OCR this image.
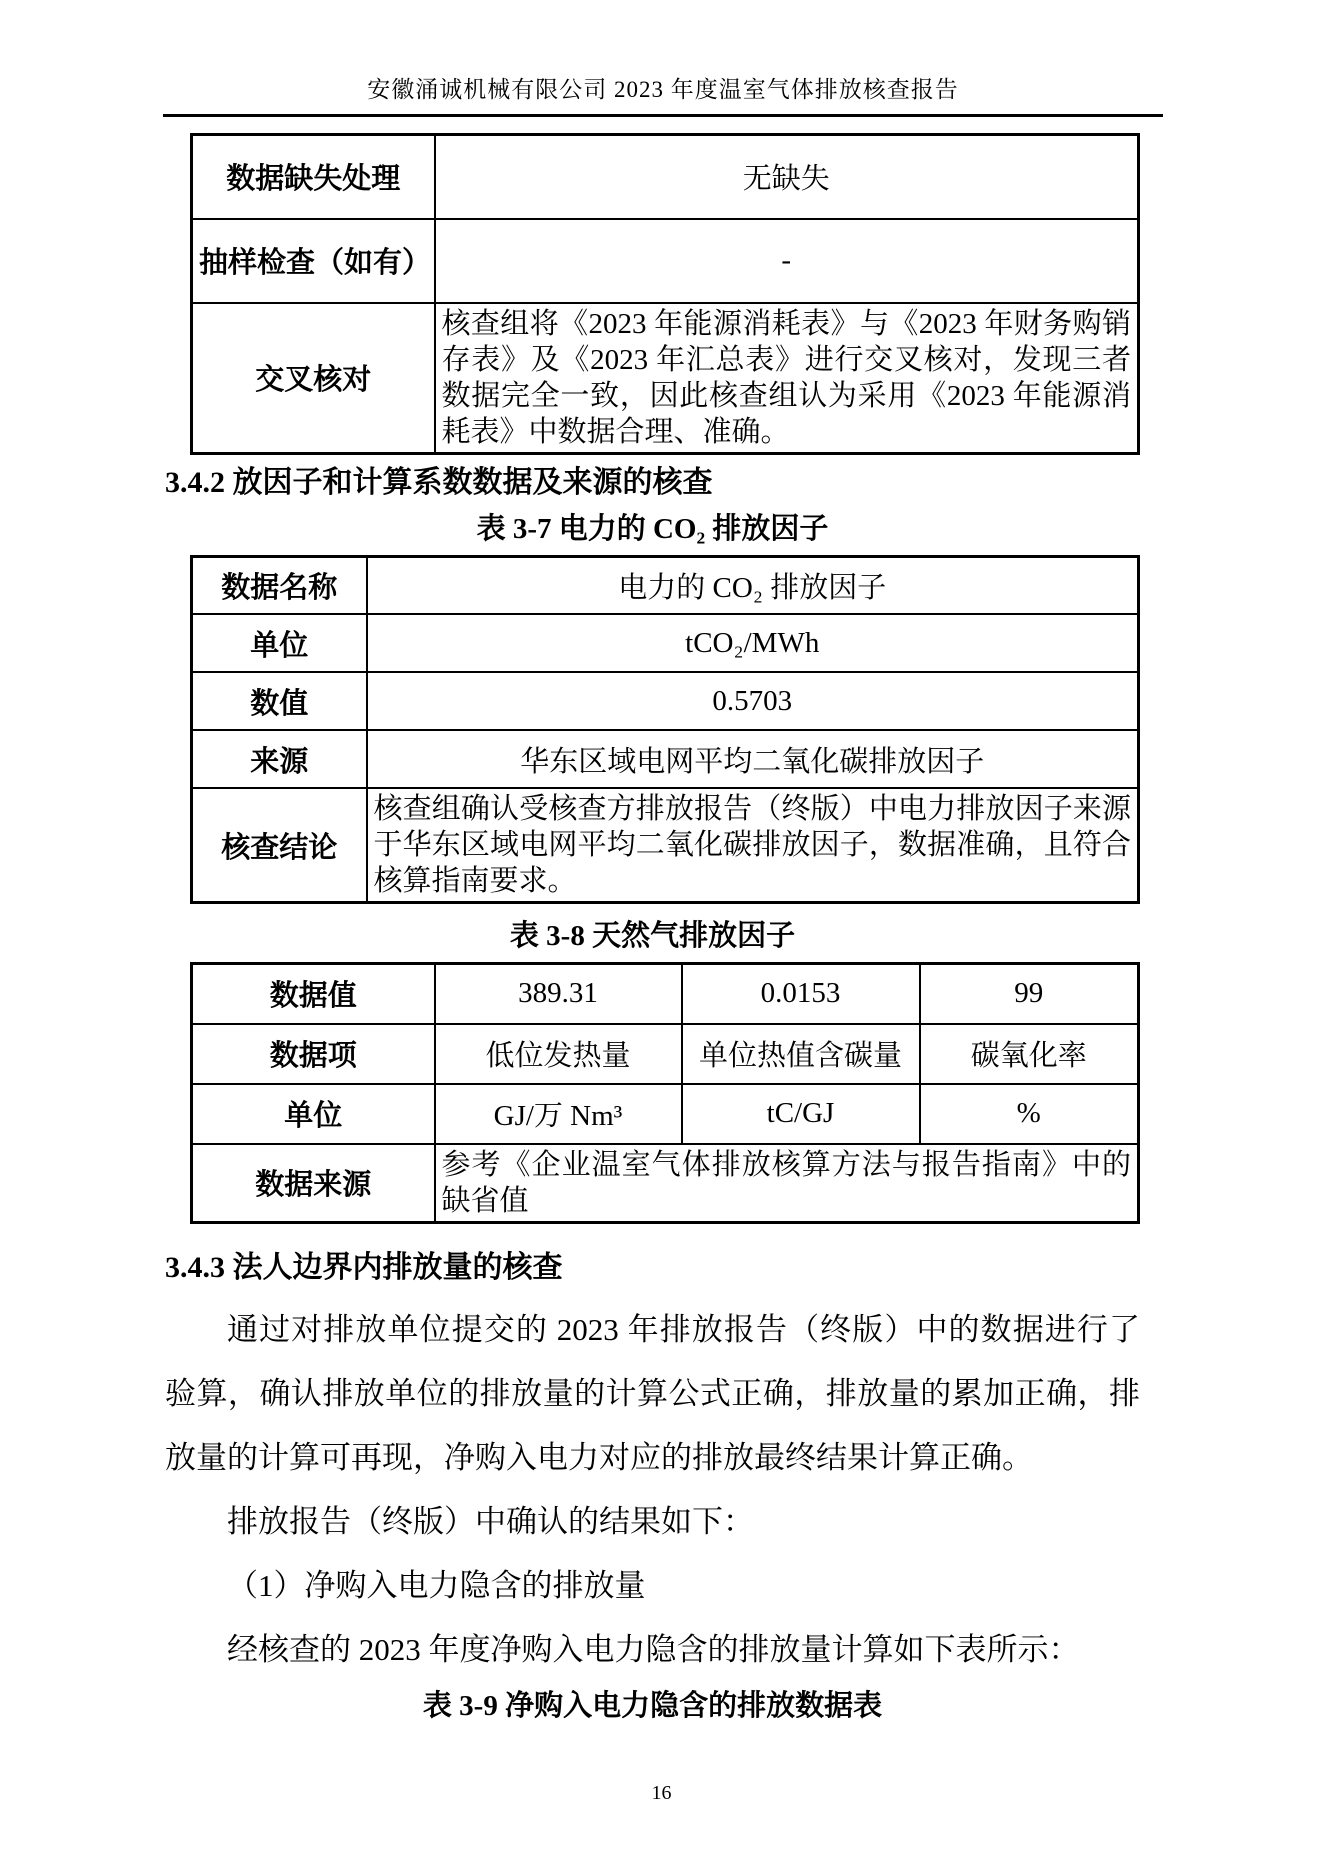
安徽涌诚机械有限公司 2023 年度温室气体排放核查报告
数据缺失处理	无缺失
抽样检查（如有）	-
交叉核对	核查组将《2023 年能源消耗表》与《2023 年财务购销存表》及《2023 年汇总表》进行交叉核对，发现三者数据完全一致，因此核查组认为采用《2023 年能源消耗表》中数据合理、准确。
3.4.2 放因子和计算系数数据及来源的核查
表 3-7 电力的 CO₂ 排放因子
数据名称	电力的 CO₂ 排放因子
单位	tCO₂/MWh
数值	0.5703
来源	华东区域电网平均二氧化碳排放因子
核查结论	核查组确认受核查方排放报告（终版）中电力排放因子来源于华东区域电网平均二氧化碳排放因子，数据准确，且符合核算指南要求。
表 3-8 天然气排放因子
数据值	389.31	0.0153	99
数据项	低位发热量	单位热值含碳量	碳氧化率
单位	GJ/万 Nm³	tC/GJ	%
数据来源	参考《企业温室气体排放核算方法与报告指南》中的缺省值		
3.4.3 法人边界内排放量的核查

通过对排放单位提交的 2023 年排放报告（终版）中的数据进行了验算，确认排放单位的排放量的计算公式正确，排放量的累加正确，排放量的计算可再现，净购入电力对应的排放最终结果计算正确。

排放报告（终版）中确认的结果如下：

（1）净购入电力隐含的排放量

经核查的 2023 年度净购入电力隐含的排放量计算如下表所示：

表 3-9 净购入电力隐含的排放数据表
16
